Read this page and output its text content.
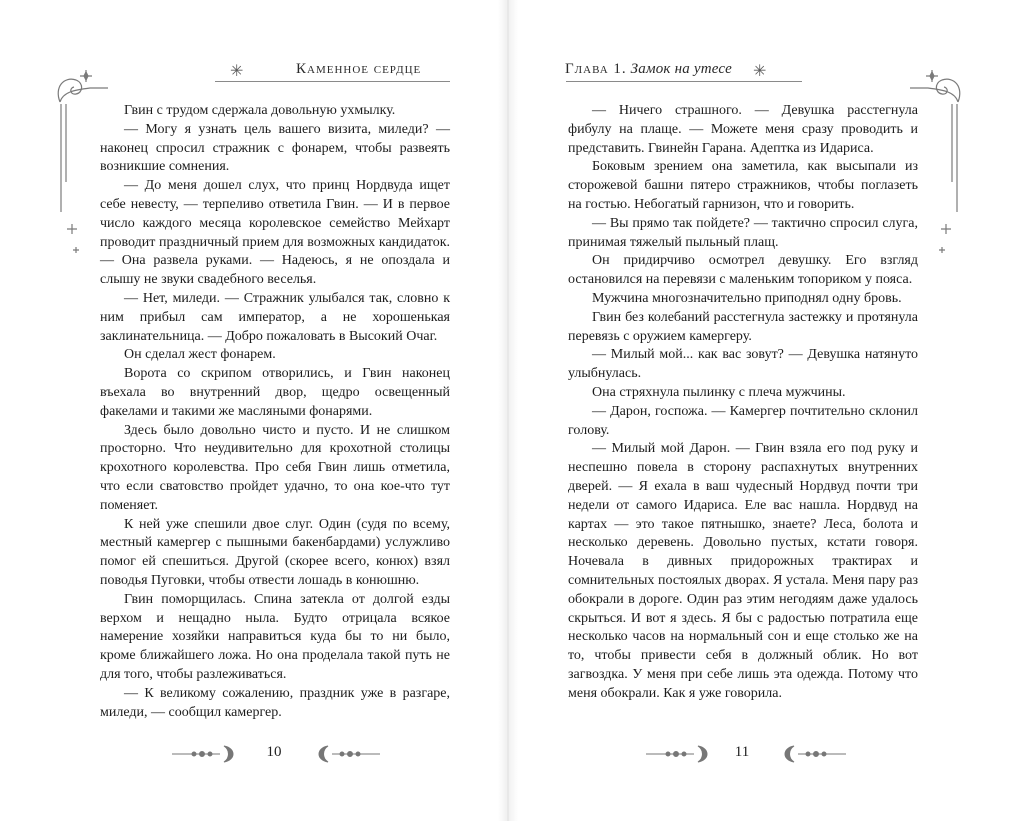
✳	Каменное сердце

Гвин с трудом сдержала довольную ухмылку.

— Могу я узнать цель вашего визита, миледи? — наконец спросил стражник с фонарем, чтобы развеять возникшие сомнения.

— До меня дошел слух, что принц Нордвуда ищет себе невесту, — терпеливо ответила Гвин. — И в первое число каждого месяца королевское семейство Мейхарт проводит праздничный прием для возможных кандидаток. — Она развела руками. — Надеюсь, я не опоздала и слышу не звуки свадебного веселья.

— Нет, миледи. — Стражник улыбался так, словно к ним прибыл сам император, а не хорошенькая заклинательница. — Добро пожаловать в Высокий Очаг.

Он сделал жест фонарем.

Ворота со скрипом отворились, и Гвин наконец въехала во внутренний двор, щедро освещенный факелами и такими же масляными фонарями.

Здесь было довольно чисто и пусто. И не слишком просторно. Что неудивительно для крохотной столицы крохотного королевства. Про себя Гвин лишь отметила, что если сватовство пройдет удачно, то она кое-что тут поменяет.

К ней уже спешили двое слуг. Один (судя по всему, местный камергер с пышными бакенбардами) услужливо помог ей спешиться. Другой (скорее всего, конюх) взял поводья Пуговки, чтобы отвести лошадь в конюшню.

Гвин поморщилась. Спина затекла от долгой езды верхом и нещадно ныла. Будто отрицала всякое намерение хозяйки направиться куда бы то ни было, кроме ближайшего ложа. Но она проделала такой путь не для того, чтобы разлеживаться.

— К великому сожалению, праздник уже в разгаре, миледи, — сообщил камергер.

10
Глава 1. Замок на утесе ✳

— Ничего страшного. — Девушка расстегнула фибулу на плаще. — Можете меня сразу проводить и представить. Гвинейн Гарана. Адептка из Идариса.

Боковым зрением она заметила, как высыпали из сторожевой башни пятеро стражников, чтобы поглазеть на гостью. Небогатый гарнизон, что и говорить.

— Вы прямо так пойдете? — тактично спросил слуга, принимая тяжелый пыльный плащ.

Он придирчиво осмотрел девушку. Его взгляд остановился на перевязи с маленьким топориком у пояса.

Мужчина многозначительно приподнял одну бровь.

Гвин без колебаний расстегнула застежку и протянула перевязь с оружием камергеру.

— Милый мой... как вас зовут? — Девушка натянуто улыбнулась.

Она стряхнула пылинку с плеча мужчины.

— Дарон, госпожа. — Камергер почтительно склонил голову.

— Милый мой Дарон. — Гвин взяла его под руку и неспешно повела в сторону распахнутых внутренних дверей. — Я ехала в ваш чудесный Нордвуд почти три недели от самого Идариса. Еле вас нашла. Нордвуд на картах — это такое пятнышко, знаете? Леса, болота и несколько деревень. Довольно пустых, кстати говоря. Ночевала в дивных придорожных трактирах и сомнительных постоялых дворах. Я устала. Меня пару раз обокрали в дороге. Один раз этим негодяям даже удалось скрыться. И вот я здесь. Я бы с радостью потратила еще несколько часов на нормальный сон и еще столько же на то, чтобы привести себя в должный облик. Но вот загвоздка. У меня при себе лишь эта одежда. Потому что меня обокрали. Как я уже говорила.

11
